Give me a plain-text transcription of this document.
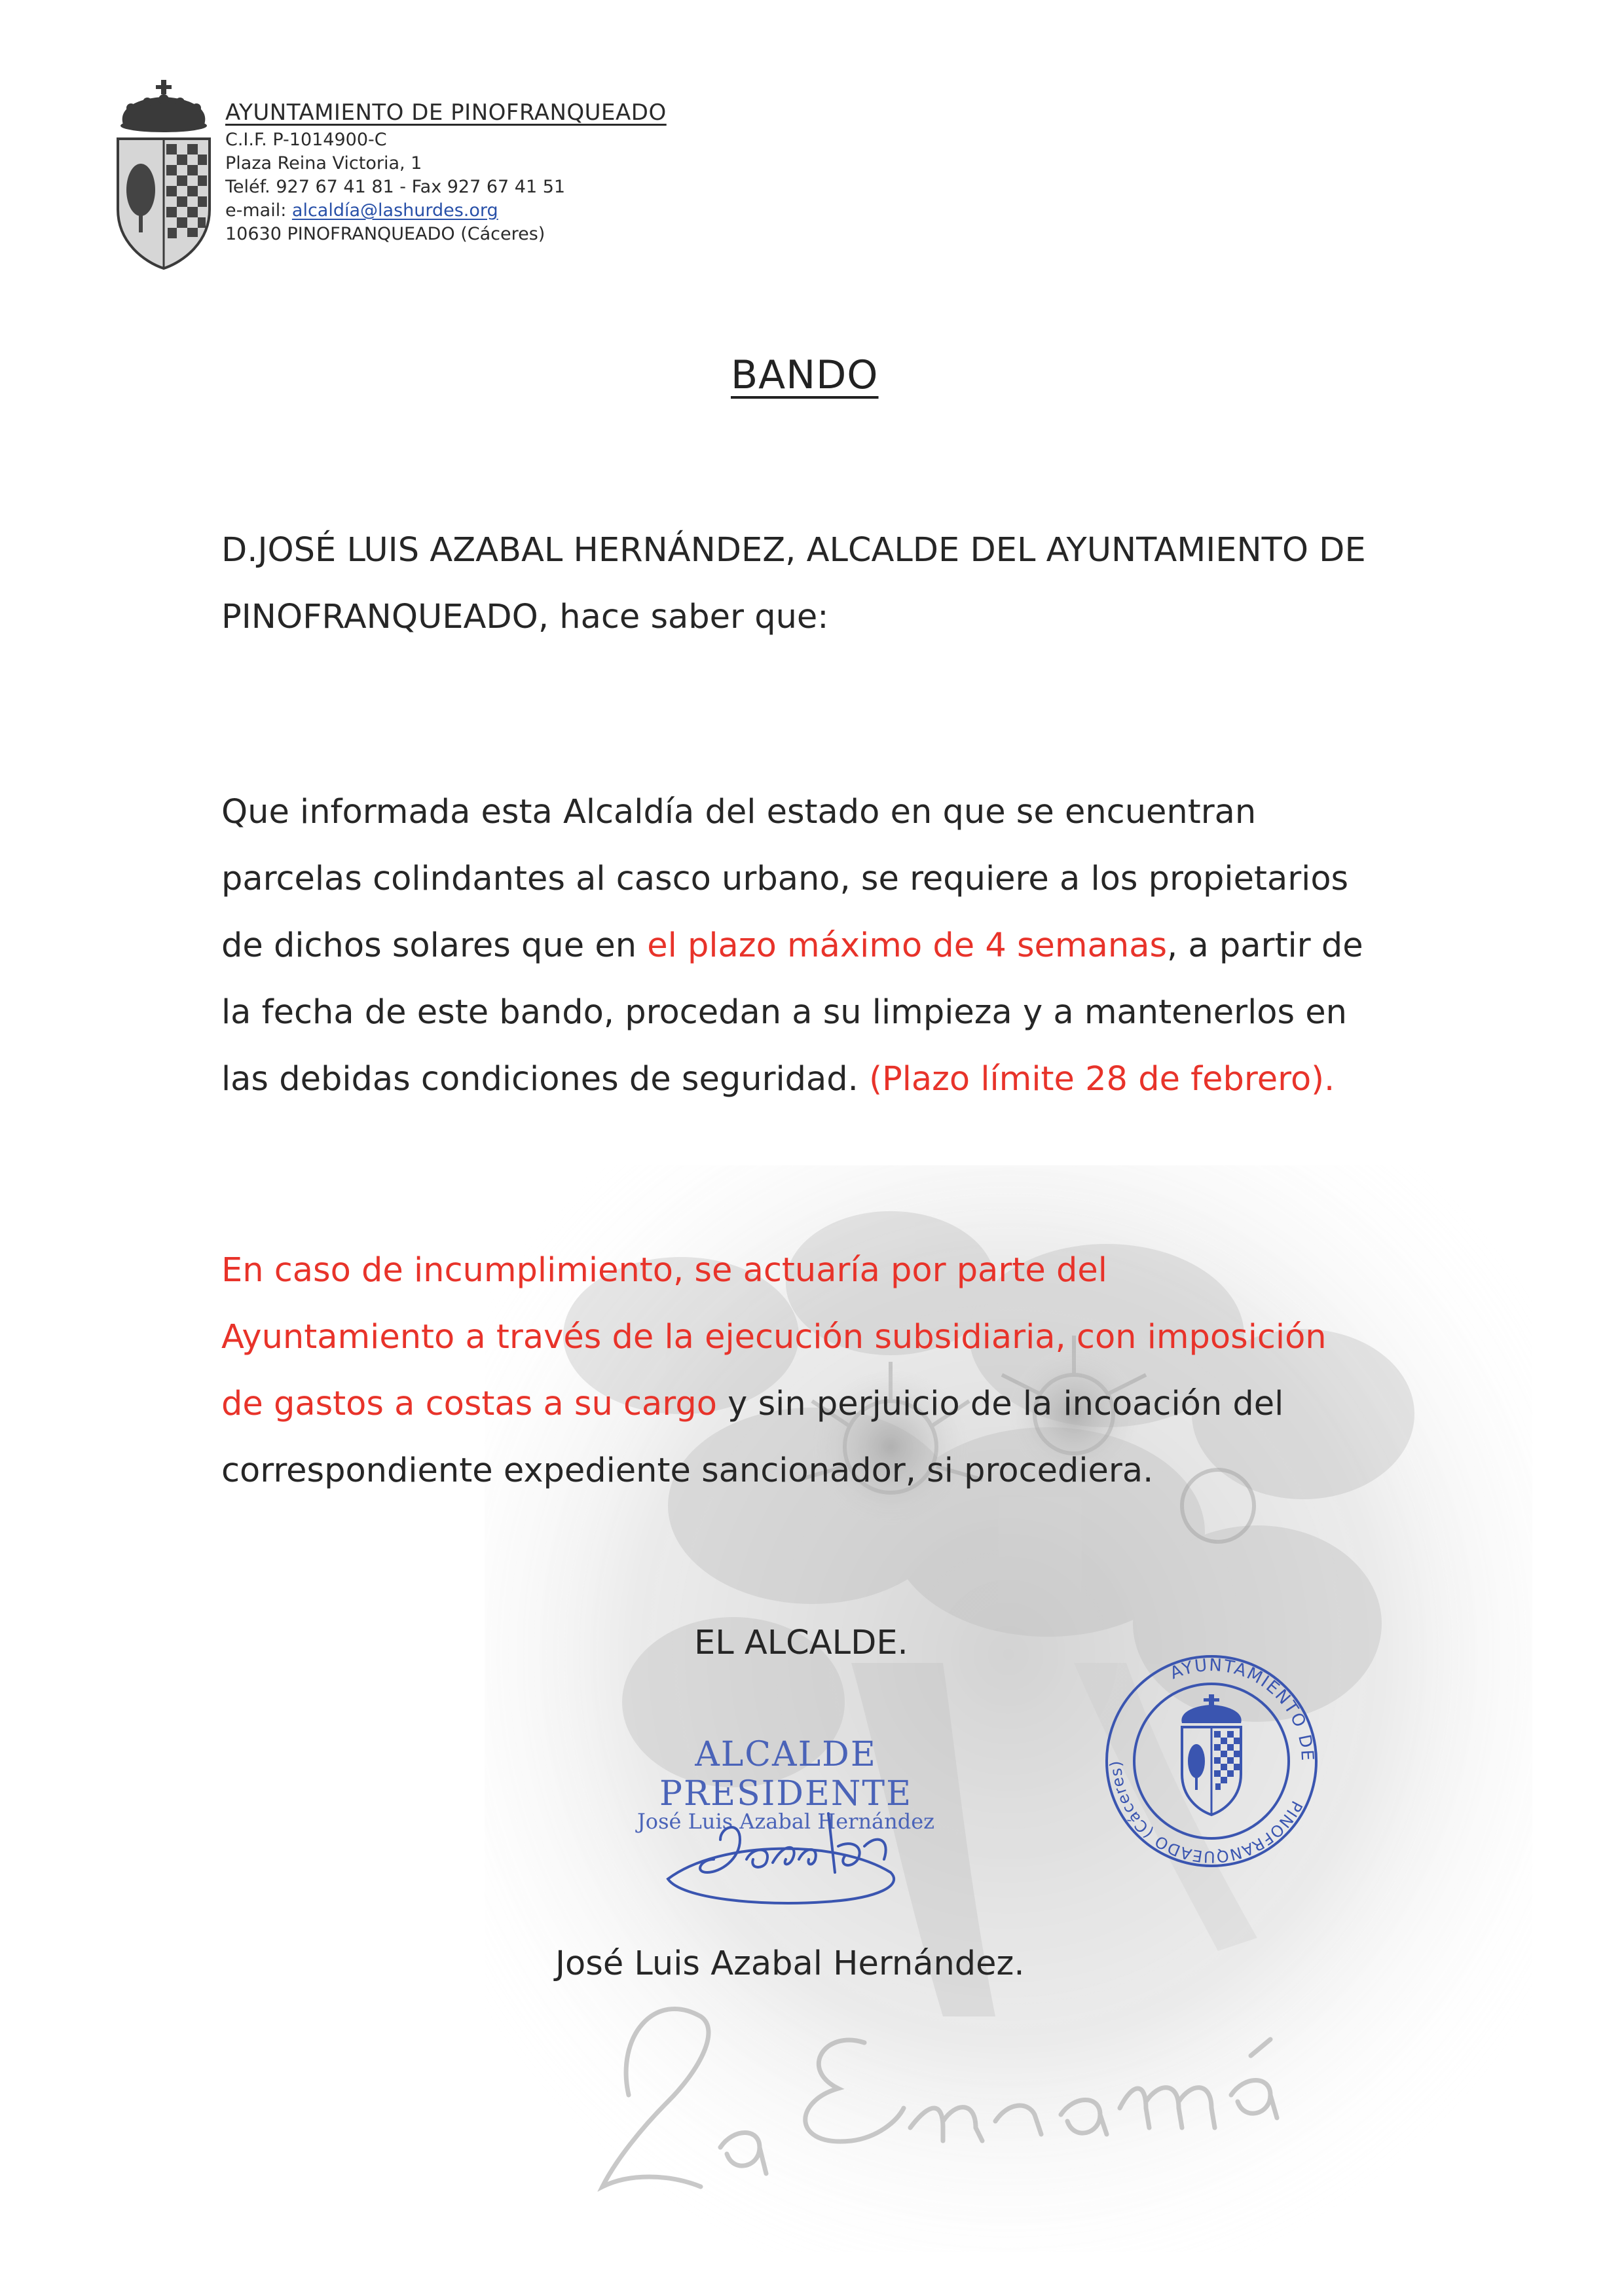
AYUNTAMIENTO DE PINOFRANQUEADO
C.I.F. P-1014900-C
Plaza Reina Victoria, 1
Teléf. 927 67 41 81 - Fax 927 67 41 51
e-mail: alcaldía@lashurdes.org
10630 PINOFRANQUEADO (Cáceres)
BANDO
D.JOSÉ LUIS AZABAL HERNÁNDEZ, ALCALDE DEL AYUNTAMIENTO DE
PINOFRANQUEADO, hace saber que:
Que informada esta Alcaldía del estado en que se encuentran
parcelas colindantes al casco urbano, se requiere a los propietarios
de dichos solares que en el plazo máximo de 4 semanas, a partir de
la fecha de este bando, procedan a su limpieza y a mantenerlos en
las debidas condiciones de seguridad. (Plazo límite 28 de febrero).
En caso de incumplimiento, se actuaría por parte del
Ayuntamiento a través de la ejecución subsidiaria, con imposición
de gastos a costas a su cargo y sin perjuicio de la incoación del
correspondiente expediente sancionador, si procediera.
EL ALCALDE.
ALCALDE PRESIDENTE
José Luis Azabal Hernández
AYUNTAMIENTO DE
PINOFRANQUEADO (Cáceres)
José Luis Azabal Hernández.
